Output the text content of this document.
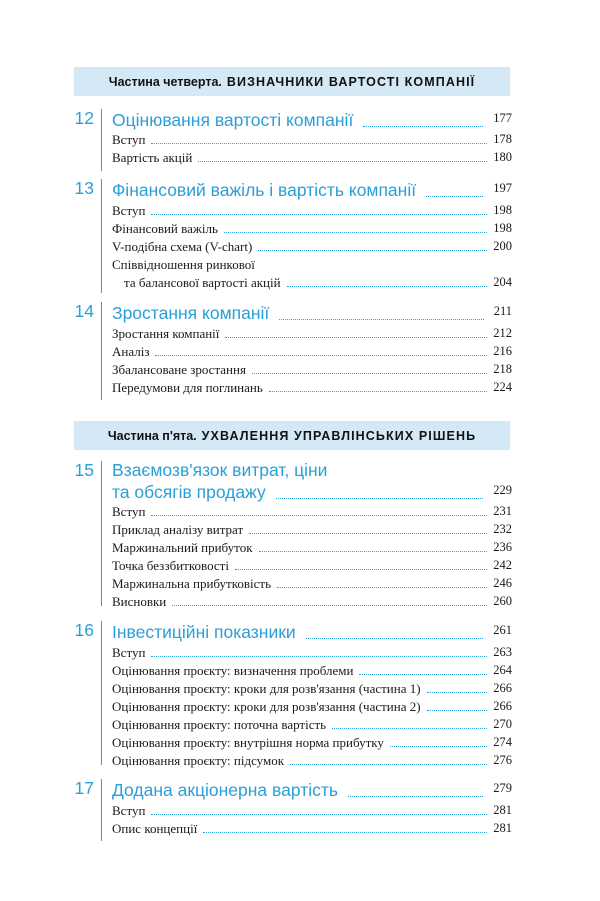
Частина четверта. ВИЗНАЧНИКИ ВАРТОСТІ КОМПАНІЇ
12 Оцінювання вартості компанії	177
Вступ	178
Вартість акцій	180
13 Фінансовий важіль і вартість компанії	197
Вступ	198
Фінансовий важіль	198
V-подібна схема (V-chart)	200
Співвідношення ринкової
та балансової вартості акцій	204
14 Зростання компанії	211
Зростання компанії	212
Аналіз	216
Збалансоване зростання	218
Передумови для поглинань	224
Частина п'ята. УХВАЛЕННЯ УПРАВЛІНСЬКИХ РІШЕНЬ
15 Взаємозв'язок витрат, ціни
та обсягів продажу	229
Вступ	231
Приклад аналізу витрат	232
Маржинальний прибуток	236
Точка беззбитковості	242
Маржинальна прибутковість	246
Висновки	260
16 Інвестиційні показники	261
Вступ	263
Оцінювання проєкту: визначення проблеми	264
Оцінювання проєкту: кроки для розв'язання (частина 1)	266
Оцінювання проєкту: кроки для розв'язання (частина 2)	266
Оцінювання проєкту: поточна вартість	270
Оцінювання проєкту: внутрішня норма прибутку	274
Оцінювання проєкту: підсумок	276
17 Додана акціонерна вартість	279
Вступ	281
Опис концепції	281
